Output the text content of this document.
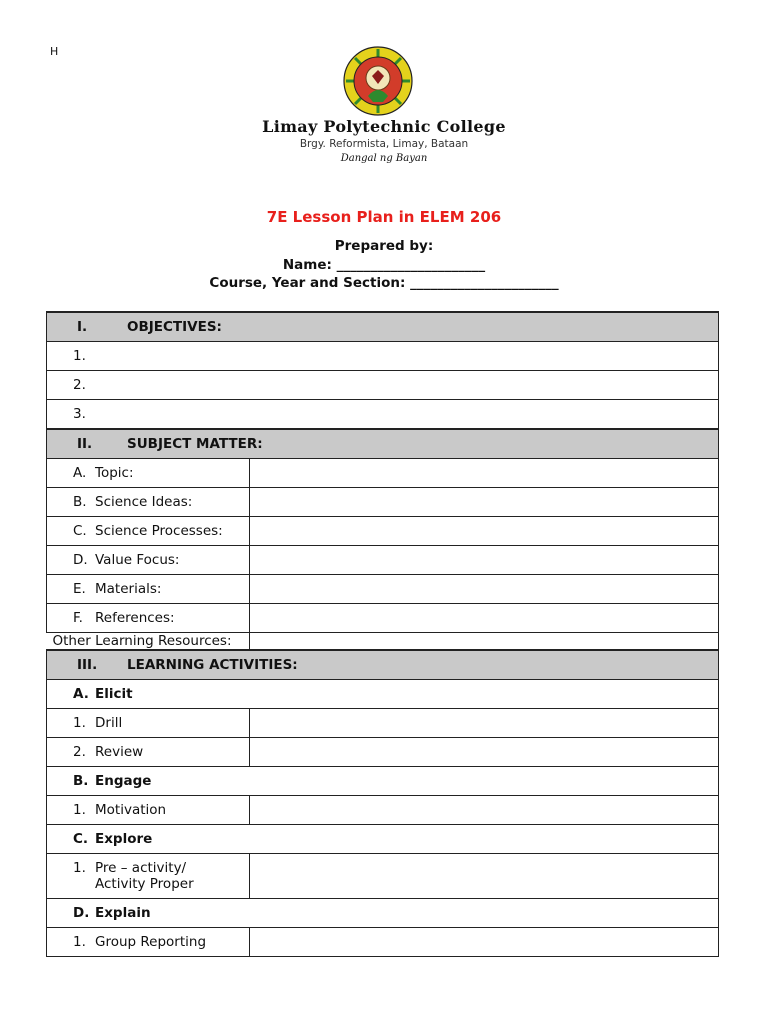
H
Limay Polytechnic College
Brgy. Reformista, Limay, Bataan
Dangal ng Bayan
7E Lesson Plan in ELEM 206
Prepared by:
Name: ______________________
Course, Year and Section: ______________________
I. OBJECTIVES:	
1.	
2.	
3.	
II. SUBJECT MATTER:	
A. Topic:	
B. Science Ideas:	
C. Science Processes:	
D. Value Focus:	
E. Materials:	
F. References:	
Other Learning Resources:	
III. LEARNING ACTIVITIES:	
A. Elicit	
1. Drill	
2. Review	
B. Engage	
1. Motivation	
C. Explore	
1. Pre – activity/
Activity Proper	
D. Explain	
1. Group Reporting	
